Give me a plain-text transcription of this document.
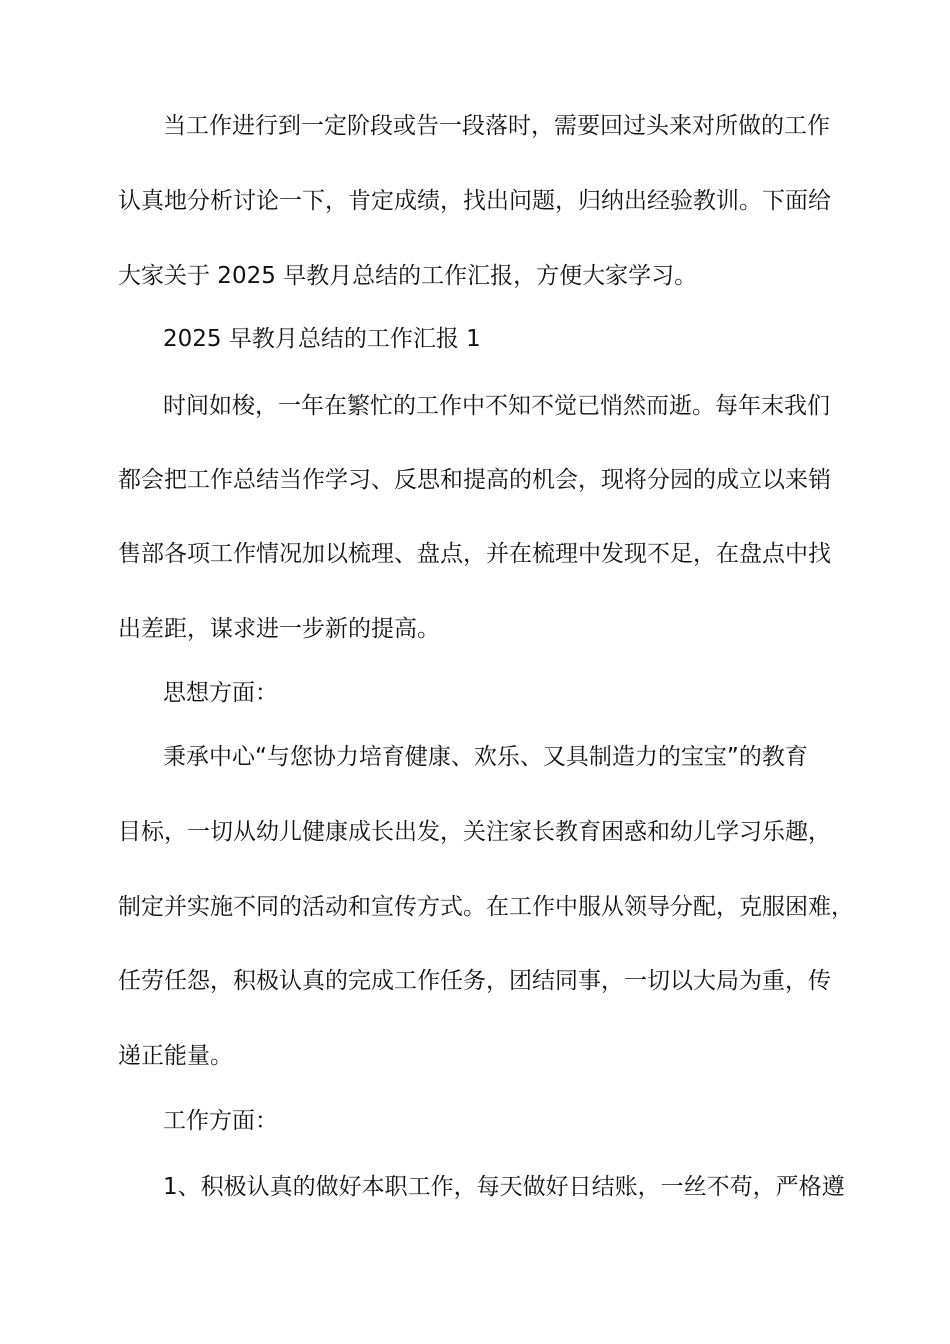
当工作进行到一定阶段或告一段落时，需要回过头来对所做的工作
认真地分析讨论一下，肯定成绩，找出问题，归纳出经验教训。下面给
大家关于 2025 早教月总结的工作汇报，方便大家学习。
2025 早教月总结的工作汇报 1
时间如梭，一年在繁忙的工作中不知不觉已悄然而逝。每年末我们
都会把工作总结当作学习、反思和提高的机会，现将分园的成立以来销
售部各项工作情况加以梳理、盘点，并在梳理中发现不足，在盘点中找
出差距，谋求进一步新的提高。
思想方面：
秉承中心“与您协力培育健康、欢乐、又具制造力的宝宝”的教育
目标，一切从幼儿健康成长出发，关注家长教育困惑和幼儿学习乐趣，
制定并实施不同的活动和宣传方式。在工作中服从领导分配，克服困难，
任劳任怨，积极认真的完成工作任务，团结同事，一切以大局为重，传
递正能量。
工作方面：
1、积极认真的做好本职工作，每天做好日结账，一丝不苟，严格遵
